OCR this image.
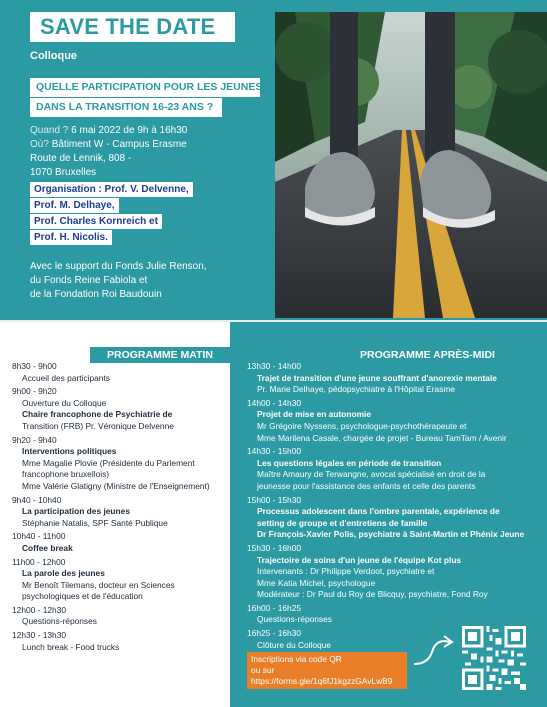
SAVE THE DATE
Colloque
QUELLE PARTICIPATION POUR LES JEUNES
DANS LA TRANSITION 16-23 ANS ?
Quand ? 6 mai 2022 de 9h à 16h30
Où? Bâtiment W - Campus Erasme
Route de Lennik, 808 -
1070 Bruxelles
Organisation : Prof. V. Delvenne,
Prof. M. Delhaye,
Prof. Charles Kornreich et
Prof. H. Nicolis.
Avec le support du Fonds Julie Renson,
du Fonds Reine Fabiola et
de la Fondation Roi Baudouin
PROGRAMME MATIN	PROGRAMME APRÈS-MIDI
8h30 - 9h00
Accueil des participants
9h00 - 9h20
Ouverture du Colloque
Chaire francophone de Psychiatrie de
Transition (FRB) Pr. Véronique Delvenne
9h20 - 9h40
Interventions politiques
Mme Magalie Plovie (Présidente du Parlement
francophone bruxellois)
Mme Valérie Glatigny (Ministre de l'Enseignement)
9h40 - 10h40
La participation des jeunes
Stéphanie Natalis, SPF Santé Publique
10h40 - 11h00
Coffee break
11h00 - 12h00
La parole des jeunes
Mr Benoît Tilemans, docteur en Sciences
psychologiques et de l'éducation
12h00 - 12h30
Questions-réponses
12h30 - 13h30
Lunch break - Food trucks
13h30 - 14h00
Trajet de transition d'une jeune souffrant d'anorexie mentale
Pr. Marie Delhaye, pédopsychiatre à l'Hôpital Erasme
14h00 - 14h30
Projet de mise en autonomie
Mr Grégoire Nyssens, psychologue-psychothérapeute et
Mme Marilena Casale, chargée de projet - Bureau TamTam / Avenir
14h30 - 15h00
Les questions légales en période de transition
Maître Amaury de Terwangne, avocat spécialisé en droit de la
jeunesse pour l'assistance des enfants et celle des parents
15h00 - 15h30
Processus adolescent dans l'ombre parentale, expérience de
setting de groupe et d'entretiens de famille
Dr François-Xavier Polis, psychiatre à Saint-Martin et Phénix Jeune
15h30 - 16h00
Trajectoire de soins d'un jeune de l'équipe Kot plus
Intervenants : Dr Philippe Verdoot, psychiatre et
Mme Katia Michel, psychologue
Modérateur : Dr Paul du Roy de Blicquy, psychiatre, Fond Roy
16h00 - 16h25
Questions-réponses
16h25 - 16h30
Clôture du Colloque
Inscriptions via code QR
ou sur
https://forms.gle/1q6fJ1kgzzGAvLwB9
